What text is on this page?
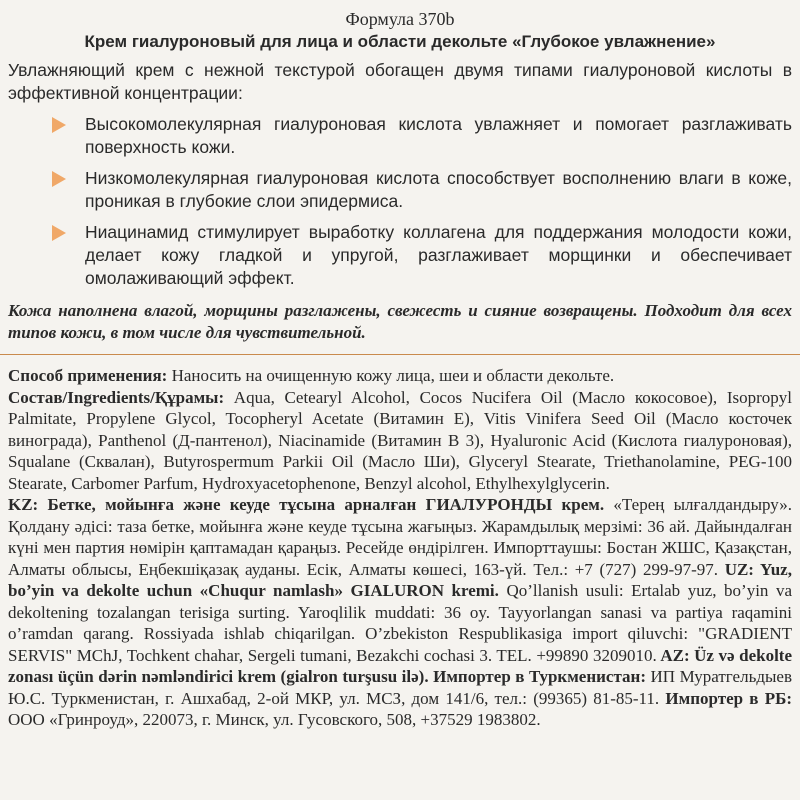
Формула 370b
Крем гиалуроновый для лица и области декольте «Глубокое увлажнение»
Увлажняющий крем с нежной текстурой обогащен двумя типами гиалуроновой кислоты в эффективной концентрации:
Высокомолекулярная гиалуроновая кислота увлажняет и помогает разглаживать поверхность кожи.
Низкомолекулярная гиалуроновая кислота способствует восполнению влаги в коже, проникая в глубокие слои эпидермиса.
Ниацинамид стимулирует выработку коллагена для поддержания молодости кожи, делает кожу гладкой и упругой, разглаживает морщинки и обеспечивает омолаживающий эффект.
Кожа наполнена влагой, морщины разглажены, свежесть и сияние возвращены. Подходит для всех типов кожи, в том числе для чувствительной.

Способ применения: Наносить на очищенную кожу лица, шеи и области декольте.

Состав/Ingredients/Құрамы: Aqua, Cetearyl Alcohol, Cocos Nucifera Oil (Масло кокосовое), Isopropyl Palmitate, Propylene Glycol, Tocopheryl Acetate (Витамин Е), Vitis Vinifera Seed Oil (Масло косточек винограда), Panthenol (Д-пантенол), Niacinamide (Витамин В 3), Hyaluronic Acid (Кислота гиалуроновая), Squalane (Сквалан), Butyrospermum Parkii Oil (Масло Ши), Glyceryl Stearate, Triethanolamine, PEG-100 Stearate, Carbomer Parfum, Hydroxyacetophenone, Benzyl alcohol, Ethylhexylglycerin.

KZ: Бетке, мойынға және кеуде тұсына арналған ГИАЛУРОНДЫ крем. «Терең ылғалдандыру». Қолдану әдісі: таза бетке, мойынға және кеуде тұсына жағыңыз. Жарамдылық мерзімі: 36 ай. Дайындалған күні мен партия нөмірін қаптамадан қараңыз. Ресейде өндірілген. Импорттаушы: Бостан ЖШС, Қазақстан, Алматы облысы, Еңбекшіқазақ ауданы. Есік, Алматы көшесі, 163-үй. Тел.: +7 (727) 299-97-97. UZ: Yuz, bo’yin va dekolte uchun «Chuqur namlash» GIALURON kremi. Qo’llanish usuli: Ertalab yuz, bo’yin va dekoltening tozalangan terisiga surting. Yaroqlilik muddati: 36 oy. Tayyorlangan sanasi va partiya raqamini o’ramdan qarang. Rossiyada ishlab chiqarilgan. O’zbekiston Respublikasiga import qiluvchi: "GRADIENT SERVIS" MChJ, Tochkent chahar, Sergeli tumani, Bezakchi cochasi 3. TEL. +99890 3209010. AZ: Üz və dekolte zonası üçün dərin nəmləndirici krem (gialron turşusu ilə). Импортер в Туркменистан: ИП Муратгельдыев Ю.С. Туркменистан, г. Ашхабад, 2-ой МКР, ул. МСЗ, дом 141/6, тел.: (99365) 81-85-11. Импортер в РБ: ООО «Гринроуд», 220073, г. Минск, ул. Гусовского, 508, +37529 1983802.
